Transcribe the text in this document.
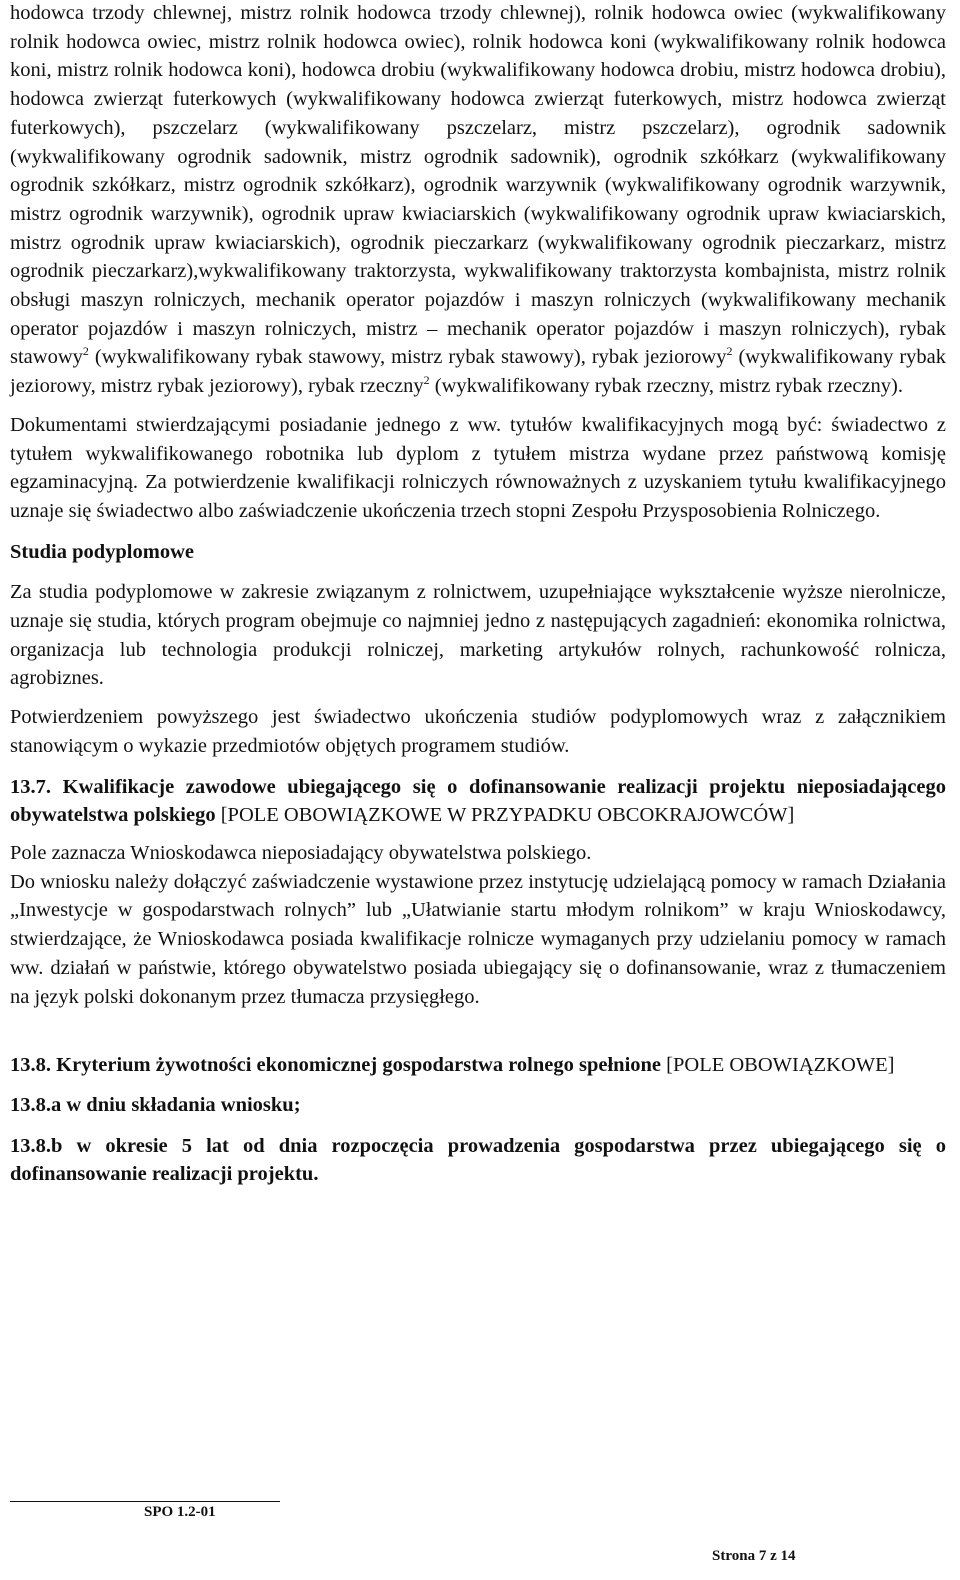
hodowca trzody chlewnej, mistrz rolnik hodowca trzody chlewnej), rolnik hodowca owiec (wykwalifikowany rolnik hodowca owiec, mistrz rolnik hodowca owiec), rolnik hodowca koni (wykwalifikowany rolnik hodowca koni, mistrz rolnik hodowca koni), hodowca drobiu (wykwalifikowany hodowca drobiu, mistrz hodowca drobiu), hodowca zwierząt futerkowych (wykwalifikowany hodowca zwierząt futerkowych, mistrz hodowca zwierząt futerkowych), pszczelarz (wykwalifikowany pszczelarz, mistrz pszczelarz), ogrodnik sadownik (wykwalifikowany ogrodnik sadownik, mistrz ogrodnik sadownik), ogrodnik szkółkarz (wykwalifikowany ogrodnik szkółkarz, mistrz ogrodnik szkółkarz), ogrodnik warzywnik (wykwalifikowany ogrodnik warzywnik, mistrz ogrodnik warzywnik), ogrodnik upraw kwiaciarskich (wykwalifikowany ogrodnik upraw kwiaciarskich, mistrz ogrodnik upraw kwiaciarskich), ogrodnik pieczarkarz (wykwalifikowany ogrodnik pieczarkarz, mistrz ogrodnik pieczarkarz),wykwalifikowany traktorzysta, wykwalifikowany traktorzysta kombajnista, mistrz rolnik obsługi maszyn rolniczych, mechanik operator pojazdów i maszyn rolniczych (wykwalifikowany mechanik operator pojazdów i maszyn rolniczych, mistrz – mechanik operator pojazdów i maszyn rolniczych), rybak stawowy$^2$ (wykwalifikowany rybak stawowy, mistrz rybak stawowy), rybak jeziorowy$^2$ (wykwalifikowany rybak jeziorowy, mistrz rybak jeziorowy), rybak rzeczny$^2$ (wykwalifikowany rybak rzeczny, mistrz rybak rzeczny).

Dokumentami stwierdzającymi posiadanie jednego z ww. tytułów kwalifikacyjnych mogą być: świadectwo z tytułem wykwalifikowanego robotnika lub dyplom z tytułem mistrza wydane przez państwową komisję egzaminacyjną. Za potwierdzenie kwalifikacji rolniczych równoważnych z uzyskaniem tytułu kwalifikacyjnego uznaje się świadectwo albo zaświadczenie ukończenia trzech stopni Zespołu Przysposobienia Rolniczego.

Studia podyplomowe

Za studia podyplomowe w zakresie związanym z rolnictwem, uzupełniające wykształcenie wyższe nierolnicze, uznaje się studia, których program obejmuje co najmniej jedno z następujących zagadnień: ekonomika rolnictwa, organizacja lub technologia produkcji rolniczej, marketing artykułów rolnych, rachunkowość rolnicza, agrobiznes.

Potwierdzeniem powyższego jest świadectwo ukończenia studiów podyplomowych wraz z załącznikiem stanowiącym o wykazie przedmiotów objętych programem studiów.

13.7. Kwalifikacje zawodowe ubiegającego się o dofinansowanie realizacji projektu nieposiadającego obywatelstwa polskiego [POLE OBOWIĄZKOWE W PRZYPADKU OBCOKRAJOWCÓW]

Pole zaznacza Wnioskodawca nieposiadający obywatelstwa polskiego.

Do wniosku należy dołączyć zaświadczenie wystawione przez instytucję udzielającą pomocy w ramach Działania „Inwestycje w gospodarstwach rolnych” lub „Ułatwianie startu młodym rolnikom” w kraju Wnioskodawcy, stwierdzające, że Wnioskodawca posiada kwalifikacje rolnicze wymaganych przy udzielaniu pomocy w ramach ww. działań w państwie, którego obywatelstwo posiada ubiegający się o dofinansowanie, wraz z tłumaczeniem na język polski dokonanym przez tłumacza przysięgłego.

13.8. Kryterium żywotności ekonomicznej gospodarstwa rolnego spełnione [POLE OBOWIĄZKOWE]

13.8.a w dniu składania wniosku;

13.8.b w okresie 5 lat od dnia rozpoczęcia prowadzenia gospodarstwa przez ubiegającego się o dofinansowanie realizacji projektu.

SPO 1.2-01
Strona 7 z 14
